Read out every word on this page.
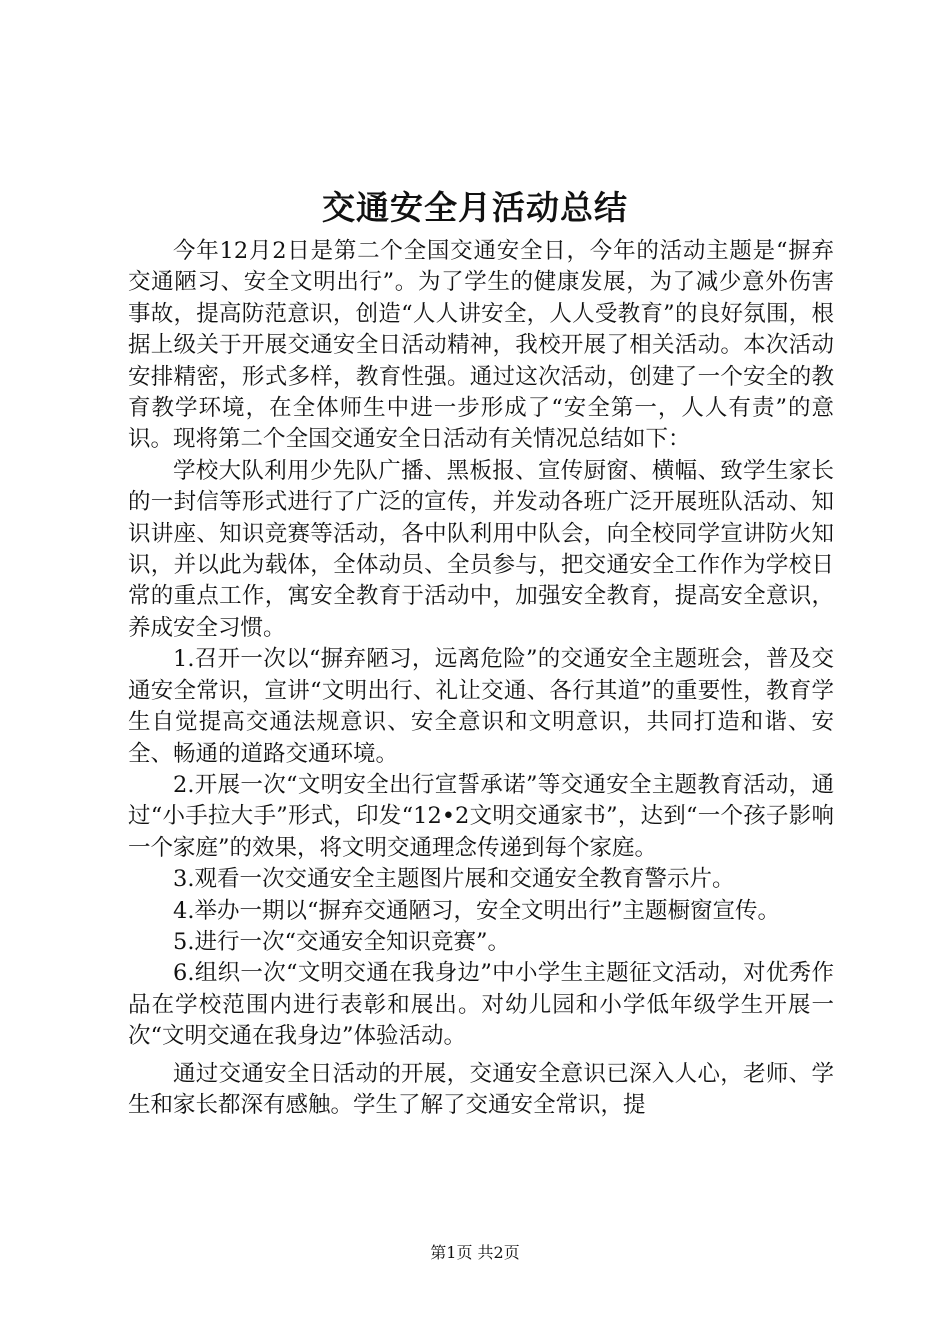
交通安全月活动总结

今年12月2日是第二个全国交通安全日，今年的活动主题是“摒弃交通陋习、安全文明出行”。为了学生的健康发展，为了减少意外伤害事故，提高防范意识，创造“人人讲安全，人人受教育”的良好氛围，根据上级关于开展交通安全日活动精神，我校开展了相关活动。本次活动安排精密，形式多样，教育性强。通过这次活动，创建了一个安全的教育教学环境，在全体师生中进一步形成了“安全第一，人人有责”的意识。现将第二个全国交通安全日活动有关情况总结如下：

学校大队利用少先队广播、黑板报、宣传厨窗、横幅、致学生家长的一封信等形式进行了广泛的宣传，并发动各班广泛开展班队活动、知识讲座、知识竞赛等活动，各中队利用中队会，向全校同学宣讲防火知识，并以此为载体，全体动员、全员参与，把交通安全工作作为学校日常的重点工作，寓安全教育于活动中，加强安全教育，提高安全意识，养成安全习惯。

1.召开一次以“摒弃陋习，远离危险”的交通安全主题班会，普及交通安全常识，宣讲“文明出行、礼让交通、各行其道”的重要性，教育学生自觉提高交通法规意识、安全意识和文明意识，共同打造和谐、安全、畅通的道路交通环境。

2.开展一次“文明安全出行宣誓承诺”等交通安全主题教育活动，通过“小手拉大手”形式，印发“12•2文明交通家书”，达到“一个孩子影响一个家庭”的效果，将文明交通理念传递到每个家庭。

3.观看一次交通安全主题图片展和交通安全教育警示片。

4.举办一期以“摒弃交通陋习，安全文明出行”主题橱窗宣传。

5.进行一次“交通安全知识竞赛”。

6.组织一次“文明交通在我身边”中小学生主题征文活动，对优秀作品在学校范围内进行表彰和展出。对幼儿园和小学低年级学生开展一次“文明交通在我身边”体验活动。

通过交通安全日活动的开展，交通安全意识已深入人心，老师、学生和家长都深有感触。学生了解了交通安全常识，提

第1页 共2页
